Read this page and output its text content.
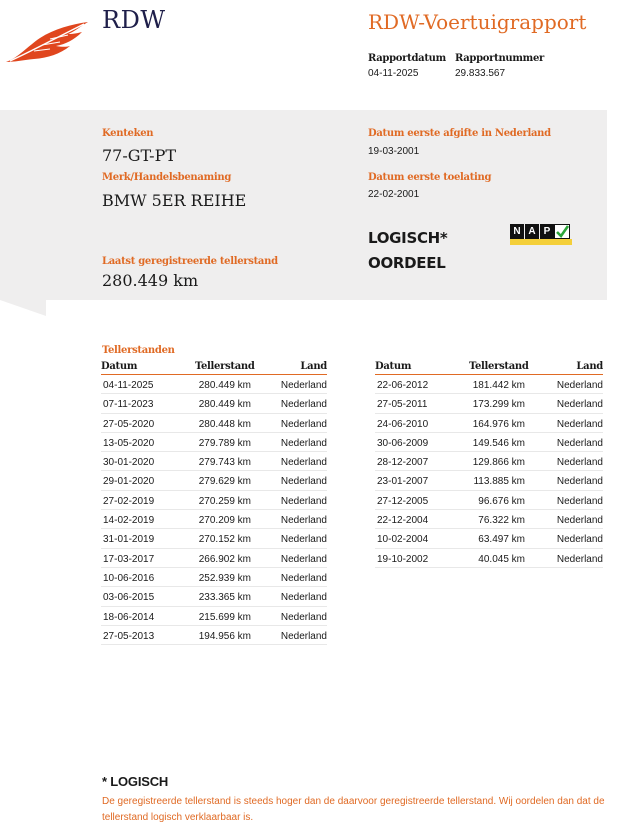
RDW	RDW-Voertuigrapport
Rapportdatum
04-11-2025
Rapportnummer
29.833.567
Kenteken
77-GT-PT
Merk/Handelsbenaming
BMW 5ER REIHE
Laatst geregistreerde tellerstand
280.449 km
Datum eerste afgifte in Nederland
19-03-2001
Datum eerste toelating
22-02-2001
LOGISCH*
OORDEEL
N A P
Tellerstanden
Datum	Tellerstand	Land
04-11-2025	280.449 km	Nederland
07-11-2023	280.449 km	Nederland
27-05-2020	280.448 km	Nederland
13-05-2020	279.789 km	Nederland
30-01-2020	279.743 km	Nederland
29-01-2020	279.629 km	Nederland
27-02-2019	270.259 km	Nederland
14-02-2019	270.209 km	Nederland
31-01-2019	270.152 km	Nederland
17-03-2017	266.902 km	Nederland
10-06-2016	252.939 km	Nederland
03-06-2015	233.365 km	Nederland
18-06-2014	215.699 km	Nederland
27-05-2013	194.956 km	Nederland
Datum	Tellerstand	Land
22-06-2012	181.442 km	Nederland
27-05-2011	173.299 km	Nederland
24-06-2010	164.976 km	Nederland
30-06-2009	149.546 km	Nederland
28-12-2007	129.866 km	Nederland
23-01-2007	113.885 km	Nederland
27-12-2005	96.676 km	Nederland
22-12-2004	76.322 km	Nederland
10-02-2004	63.497 km	Nederland
19-10-2002	40.045 km	Nederland
* LOGISCH
De geregistreerde tellerstand is steeds hoger dan de daarvoor geregistreerde tellerstand. Wij oordelen dan dat de tellerstand logisch verklaarbaar is.
